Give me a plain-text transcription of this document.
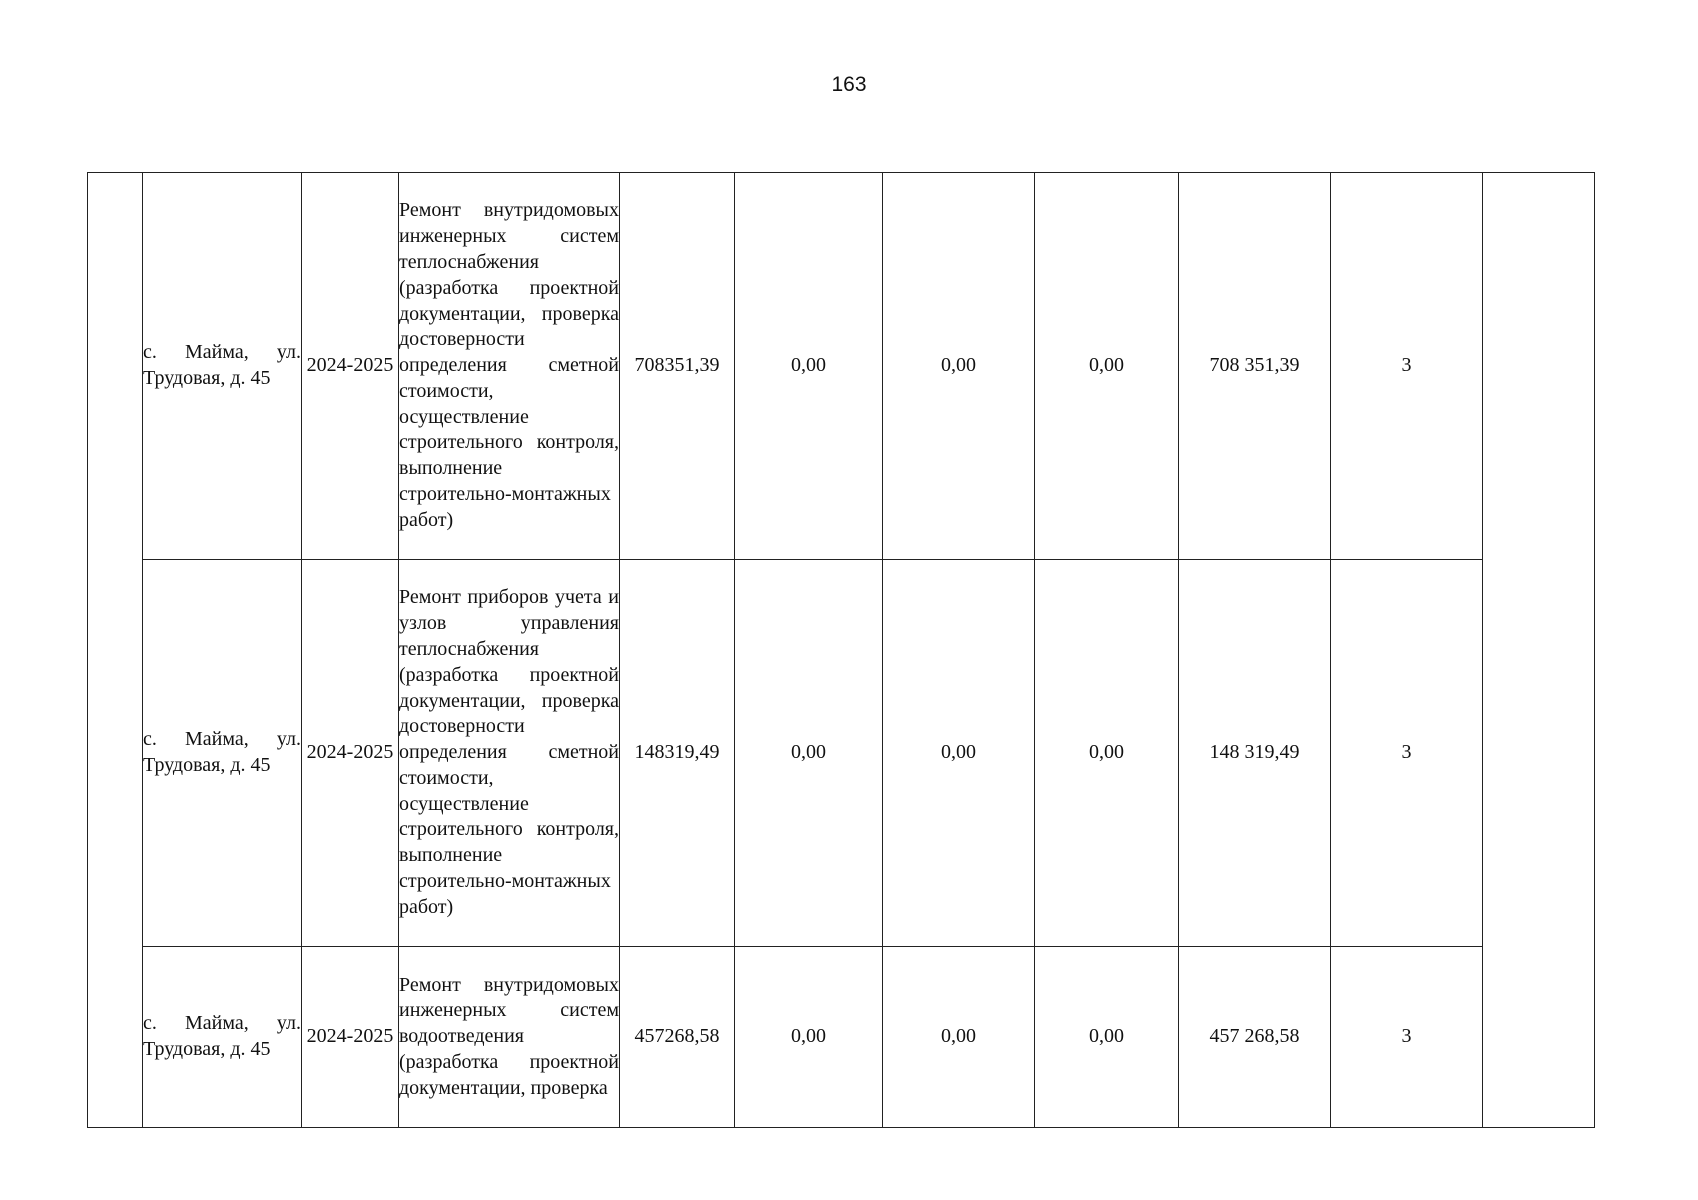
163
	с. Майма, ул. Трудовая, д. 45	2024-2025	Ремонт внутридомовых инженерных систем теплоснабжения (разработка проектной документации, проверка достоверности определения сметной стоимости, осуществление строительного контроля, выполнение строительно-монтажных работ)	708351,39	0,00	0,00	0,00	708 351,39	3	
	с. Майма, ул. Трудовая, д. 45	2024-2025	Ремонт приборов учета и узлов управления теплоснабжения (разработка проектной документации, проверка достоверности определения сметной стоимости, осуществление строительного контроля, выполнение строительно-монтажных работ)	148319,49	0,00	0,00	0,00	148 319,49	3	
	с. Майма, ул. Трудовая, д. 45	2024-2025	Ремонт внутридомовых инженерных систем водоотведения (разработка проектной документации, проверка	457268,58	0,00	0,00	0,00	457 268,58	3	
